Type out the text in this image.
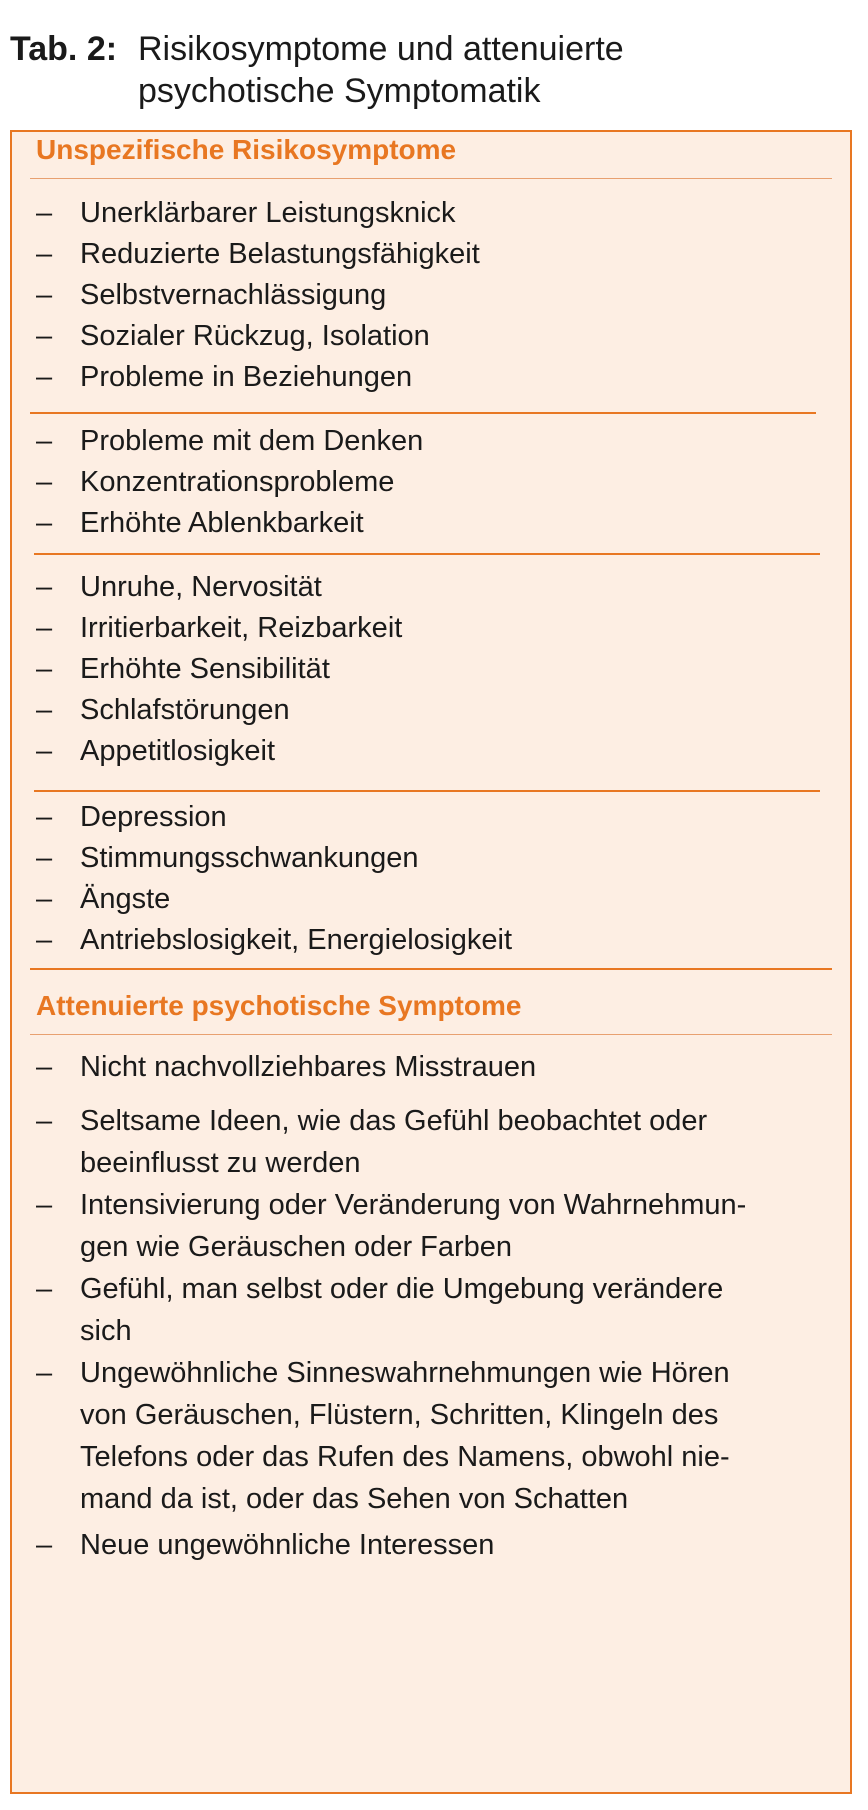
Tab. 2: Risikosymptome und attenuierte
psychotische Symptomatik
Unspezifische Risikosymptome
– Unerklärbarer Leistungsknick
– Reduzierte Belastungsfähigkeit
– Selbstvernachlässigung
– Sozialer Rückzug, Isolation
– Probleme in Beziehungen
– Probleme mit dem Denken
– Konzentrationsprobleme
– Erhöhte Ablenkbarkeit
– Unruhe, Nervosität
– Irritierbarkeit, Reizbarkeit
– Erhöhte Sensibilität
– Schlafstörungen
– Appetitlosigkeit
– Depression
– Stimmungsschwankungen
– Ängste
– Antriebslosigkeit, Energielosigkeit
Attenuierte psychotische Symptome
– Nicht nachvollziehbares Misstrauen
– Seltsame Ideen, wie das Gefühl beobachtet oder
beeinflusst zu werden
– Intensivierung oder Veränderung von Wahrnehmun-
gen wie Geräuschen oder Farben
– Gefühl, man selbst oder die Umgebung verändere
sich
– Ungewöhnliche Sinneswahrnehmungen wie Hören
von Geräuschen, Flüstern, Schritten, Klingeln des
Telefons oder das Rufen des Namens, obwohl nie-
mand da ist, oder das Sehen von Schatten
– Neue ungewöhnliche Interessen
